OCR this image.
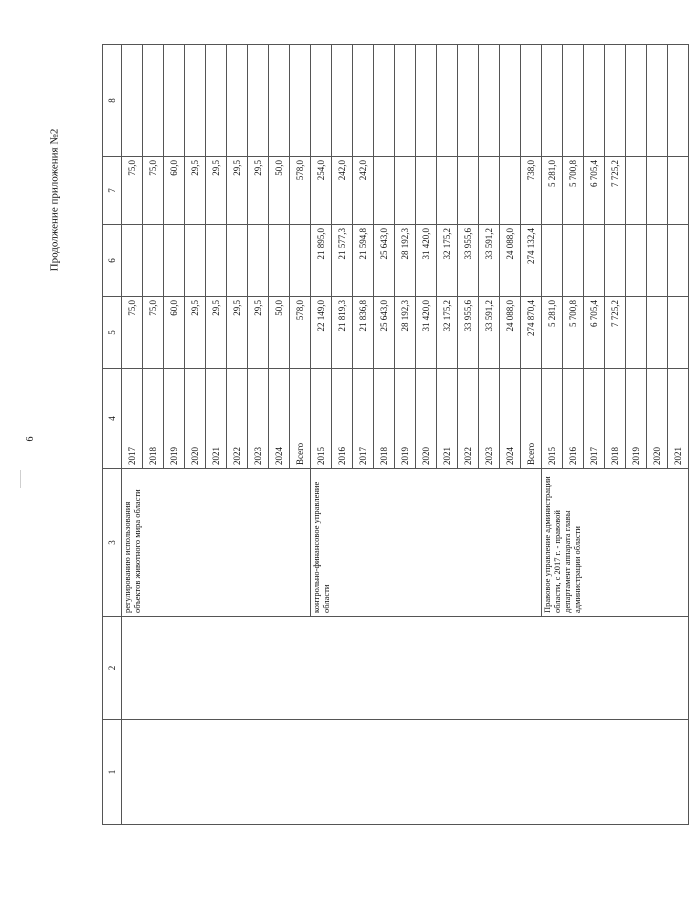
6
Продолжение приложения №2
1	2	3	4	5	6	7	8	
		регулированию использования объектов животного мира области	2017	75,0		75,0		
			2018	75,0		75,0		
			2019	60,0		60,0		
			2020	29,5		29,5		
			2021	29,5		29,5		
			2022	29,5		29,5		
			2023	29,5		29,5		
			2024	50,0		50,0		
			Всего	578,0		578,0		
		контрольно-финансовое управление области	2015	22 149,0	21 895,0	254,0		
			2016	21 819,3	21 577,3	242,0		
			2017	21 836,8	21 594,8	242,0		
			2018	25 643,0	25 643,0			
			2019	28 192,3	28 192,3			
			2020	31 420,0	31 420,0			
			2021	32 175,2	32 175,2			
			2022	33 955,6	33 955,6			
			2023	33 591,2	33 591,2			
			2024	24 088,0	24 088,0			
			Всего	274 870,4	274 132,4	738,0		
		Правовое управление администрации области, с 2017 г. - правовой департамент аппарата главы администрации области	2015	5 281,0		5 281,0		
			2016	5 700,8		5 700,8		
			2017	6 705,4		6 705,4		
			2018	7 725,2		7 725,2		
			2019					
			2020					
			2021					
